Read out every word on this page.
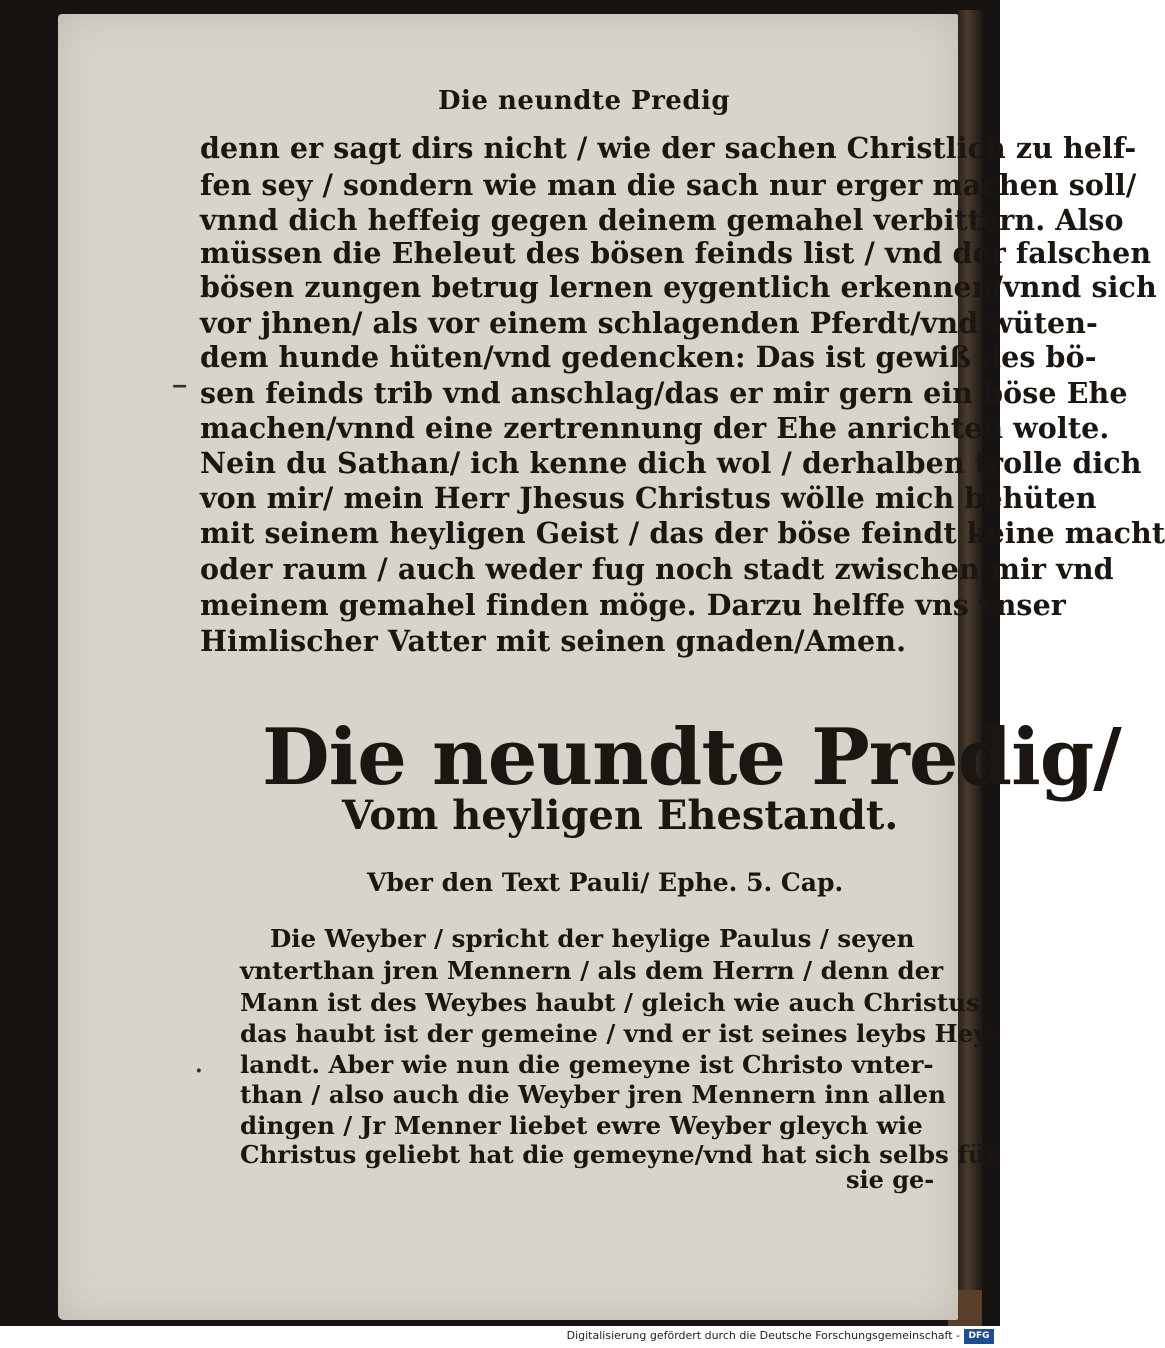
Die neundte Predig
denn er sagt dirs nicht / wie der sachen Christlich zu helf-
fen sey / sondern wie man die sach nur erger machen soll/
vnnd dich heffeig gegen deinem gemahel verbittern. Also
müssen die Eheleut des bösen feinds list / vnd der falschen
bösen zungen betrug lernen eygentlich erkennen/vnnd sich
vor jhnen/ als vor einem schlagenden Pferdt/vnd wüten-
dem hunde hüten/vnd gedencken: Das ist gewiß des bö-
sen feinds trib vnd anschlag/das er mir gern ein böse Ehe
machen/vnnd eine zertrennung der Ehe anrichten wolte.
Nein du Sathan/ ich kenne dich wol / derhalben trolle dich
von mir/ mein Herr Jhesus Christus wölle mich behüten
mit seinem heyligen Geist / das der böse feindt keine macht
oder raum / auch weder fug noch stadt zwischen mir vnd
meinem gemahel finden möge. Darzu helffe vns vnser
Himlischer Vatter mit seinen gnaden/Amen.
‒
Die neundte Predig/
Vom heyligen Ehestandt.
Vber den Text Pauli/ Ephe. 5. Cap.
Die Weyber / spricht der heylige Paulus / seyen
vnterthan jren Mennern / als dem Herrn / denn der
Mann ist des Weybes haubt / gleich wie auch Christus
das haubt ist der gemeine / vnd er ist seines leybs Hey-
landt. Aber wie nun die gemeyne ist Christo vnter-
than / also auch die Weyber jren Mennern inn allen
dingen / Jr Menner liebet ewre Weyber gleych wie
Christus geliebt hat die gemeyne/vnd hat sich selbs für
·
sie ge-
Digitalisierung gefördert durch die Deutsche Forschungsgemeinschaft - DFG
